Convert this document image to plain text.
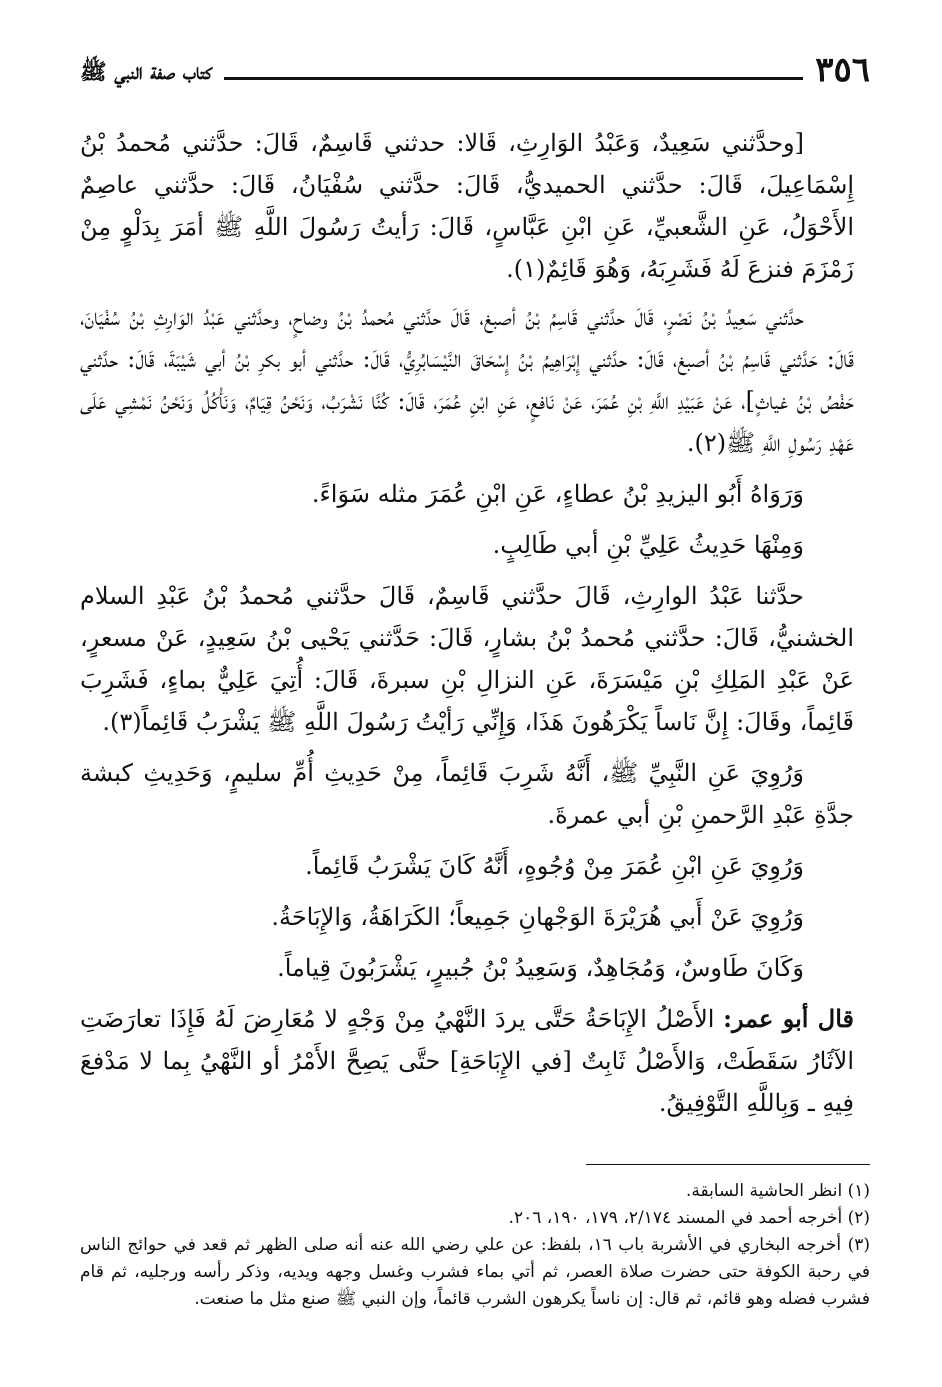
٣٥٦
كتاب صفة النبي ﷺ

[وحدَّثني سَعِيدٌ، وَعَبْدُ الوَارِثِ، قَالا: حدثني قَاسِمٌ، قَالَ: حدَّثني مُحمدُ بْنُ إِسْمَاعِيلَ، قَالَ: حدَّثني الحميديُّ، قَالَ: حدَّثني سُفْيَانُ، قَالَ: حدَّثني عاصِمٌ الأَحْوَلُ، عَنِ الشَّعبيِّ، عَنِ ابْنِ عَبَّاسٍ، قَالَ: رَأيتُ رَسُولَ اللَّهِ ﷺ أمَرَ بِدَلْوٍ مِنْ زَمْزَمَ فنزعَ لَهُ فَشَرِبَهُ، وَهُوَ قَائِمٌ(١).

حدَّثني سَعِيدُ بْنُ نَصْرٍ، قَالَ حدَّثني قَاسِمُ بْنُ أصبغ، قَالَ حدَّثني مُحمدُ بْنُ وضاحٍ، وحدَّثني عَبْدُ الوَارِثِ بْنُ سُفْيَانَ، قَالَ: حَدَّثني قَاسِمُ بْنُ أصبغ، قَالَ: حدَّثني إِبْرَاهِيمُ بْنُ إِسْحَاقَ النَّيْسَابُرِيُّ، قَالَ: حدَّثني أبو بكرِ بْنُ أبي شَيْبَةَ، قَالَ: حدَّثني حَفْصُ بْنُ غياثٍ]، عَنْ عَبَيْدِ اللَّهِ بْنِ عُمَرَ، عَنْ نَافعٍ، عَنِ ابْنِ عُمَرَ، قَالَ: كُنَّا نَشْرَبُ، وَنَحْنُ قِيَامٌ، وَنَأْكُلُ وَنَحْنُ نَمْشِي عَلَى عَهْدِ رَسُولِ اللَّهِ ﷺ(٢).

وَرَوَاهُ أَبُو اليزيدِ بْنُ عطاءٍ، عَنِ ابْنِ عُمَرَ مثله سَوَاءً.

وَمِنْهَا حَدِيثُ عَلِيِّ بْنِ أبي طَالِبٍ.

حدَّثنا عَبْدُ الوارِثِ، قَالَ حدَّثني قَاسِمٌ، قَالَ حدَّثني مُحمدُ بْنُ عَبْدِ السلام الخشنيُّ، قَالَ: حدَّثني مُحمدُ بْنُ بشارٍ، قَالَ: حَدَّثني يَحْيى بْنُ سَعِيدٍ، عَنْ مسعرٍ، عَنْ عَبْدِ المَلِكِ بْنِ مَيْسَرَةَ، عَنِ النزالِ بْنِ سبرةَ، قَالَ: أُتِيَ عَلِيٌّ بماءٍ، فَشَرِبَ قَائِماً، وقَالَ: إِنَّ نَاساً يَكْرَهُونَ هَذَا، وَإِنِّي رَأيْتُ رَسُولَ اللَّهِ ﷺ يَشْرَبُ قَائِماً(٣).

وَرُوِيَ عَنِ النَّبِيِّ ﷺ، أَنَّهُ شَرِبَ قَائِماً، مِنْ حَدِيثِ أُمِّ سليمٍ، وَحَدِيثِ كبشة جدَّةِ عَبْدِ الرَّحمنِ بْنِ أبي عمرةَ.

وَرُوِيَ عَنِ ابْنِ عُمَرَ مِنْ وُجُوهٍ، أَنَّهُ كَانَ يَشْرَبُ قَائِماً.

وَرُوِيَ عَنْ أَبي هُرَيْرَةَ الوَجْهانِ جَمِيعاً؛ الكَرَاهَةُ، وَالإِبَاحَةُ.

وَكَانَ طَاوسٌ، وَمُجَاهِدٌ، وَسَعِيدُ بْنُ جُبيرٍ، يَشْرَبُونَ قِياماً.

قال أبو عمر: الأَصْلُ الإِبَاحَةُ حَتَّى يردَ النَّهْيُ مِنْ وَجْهٍ لا مُعَارِضَ لَهُ فَإِذَا تعارَضَتِ الآثَارُ سَقَطَتْ، وَالأَصْلُ ثَابِتٌ [في الإِبَاحَةِ] حتَّى يَصِحَّ الأَمْرُ أو النَّهْيُ بِما لا مَدْفعَ فِيهِ ـ وَبِاللَّهِ التَّوْفِيقُ.

(١) انظر الحاشية السابقة.

(٢) أخرجه أحمد في المسند ٢/١٧٤، ١٧٩، ١٩٠، ٢٠٦.

(٣) أخرجه البخاري في الأشربة باب ١٦، بلفظ: عن علي رضي الله عنه أنه صلى الظهر ثم قعد في حوائج الناس في رحبة الكوفة حتى حضرت صلاة العصر، ثم أتي بماء فشرب وغسل وجهه ويديه، وذكر رأسه ورجليه، ثم قام فشرب فضله وهو قائم، ثم قال: إن ناساً يكرهون الشرب قائماً، وإن النبي ﷺ صنع مثل ما صنعت.
